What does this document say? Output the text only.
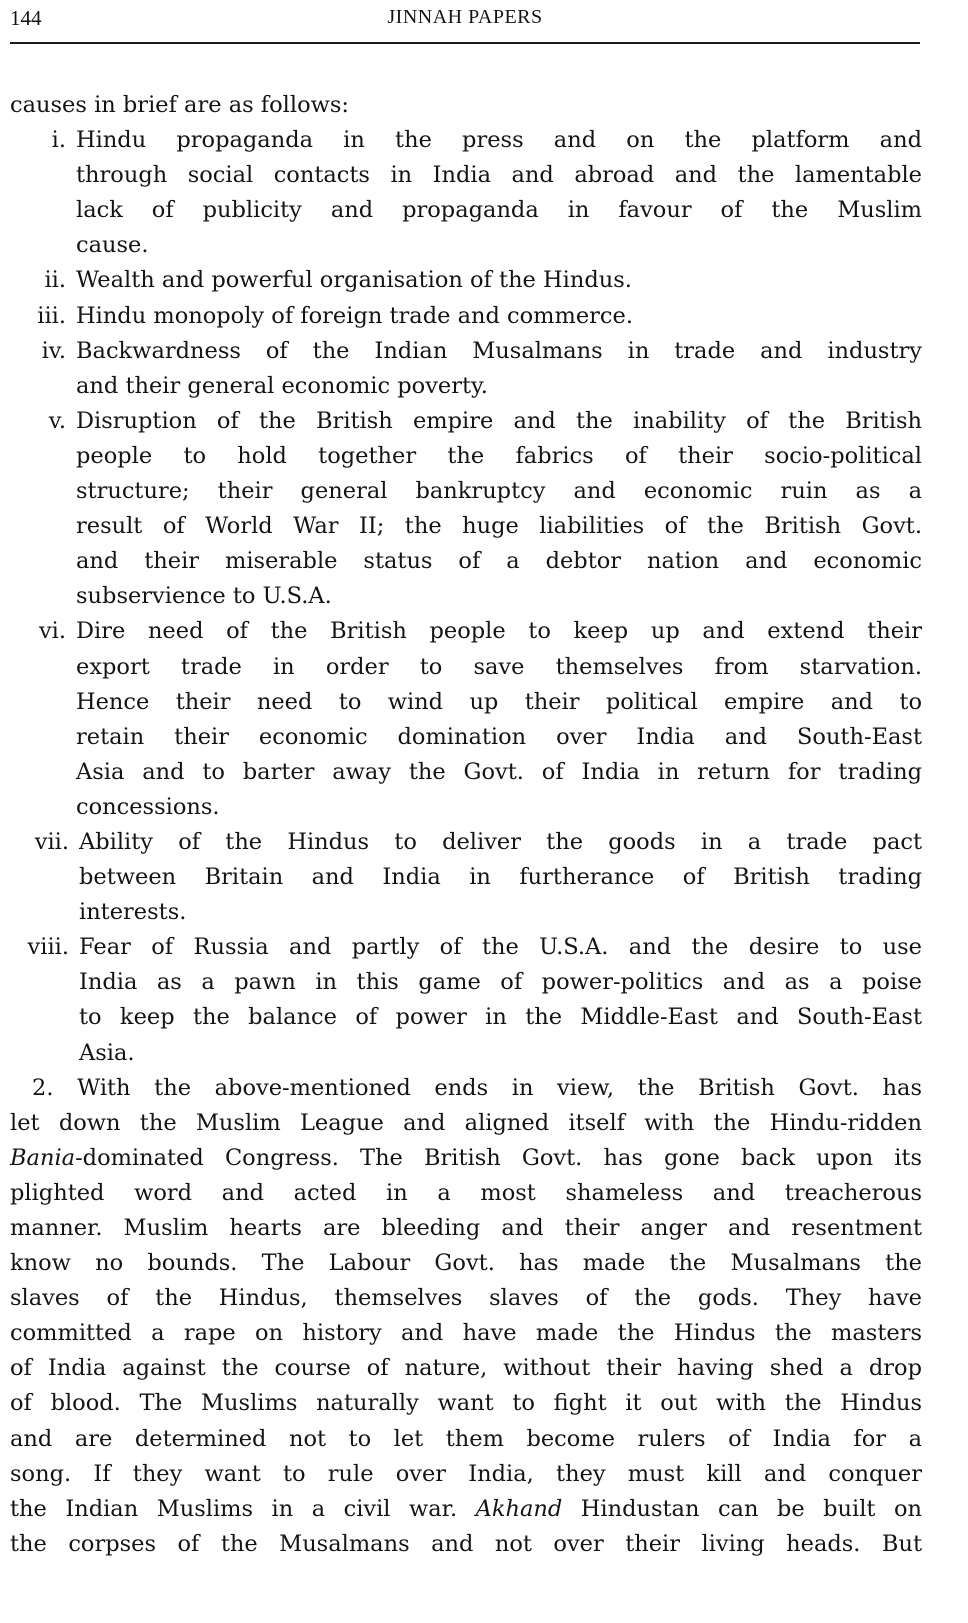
144	JINNAH PAPERS
causes in brief are as follows:
i. Hindu propaganda in the press and on the platform and
through social contacts in India and abroad and the lamentable
lack of publicity and propaganda in favour of the Muslim
cause.
ii. Wealth and powerful organisation of the Hindus.
iii. Hindu monopoly of foreign trade and commerce.
iv. Backwardness of the Indian Musalmans in trade and industry
and their general economic poverty.
v. Disruption of the British empire and the inability of the British
people to hold together the fabrics of their socio-political
structure; their general bankruptcy and economic ruin as a
result of World War II; the huge liabilities of the British Govt.
and their miserable status of a debtor nation and economic
subservience to U.S.A.
vi. Dire need of the British people to keep up and extend their
export trade in order to save themselves from starvation.
Hence their need to wind up their political empire and to
retain their economic domination over India and South-East
Asia and to barter away the Govt. of India in return for trading
concessions.
vii. Ability of the Hindus to deliver the goods in a trade pact
between Britain and India in furtherance of British trading
interests.
viii. Fear of Russia and partly of the U.S.A. and the desire to use
India as a pawn in this game of power-politics and as a poise
to keep the balance of power in the Middle-East and South-East
Asia.
2. With the above-mentioned ends in view, the British Govt. has
let down the Muslim League and aligned itself with the Hindu-ridden
Bania-dominated Congress. The British Govt. has gone back upon its
plighted word and acted in a most shameless and treacherous
manner. Muslim hearts are bleeding and their anger and resentment
know no bounds. The Labour Govt. has made the Musalmans the
slaves of the Hindus, themselves slaves of the gods. They have
committed a rape on history and have made the Hindus the masters
of India against the course of nature, without their having shed a drop
of blood. The Muslims naturally want to fight it out with the Hindus
and are determined not to let them become rulers of India for a
song. If they want to rule over India, they must kill and conquer
the Indian Muslims in a civil war. Akhand Hindustan can be built on
the corpses of the Musalmans and not over their living heads. But
